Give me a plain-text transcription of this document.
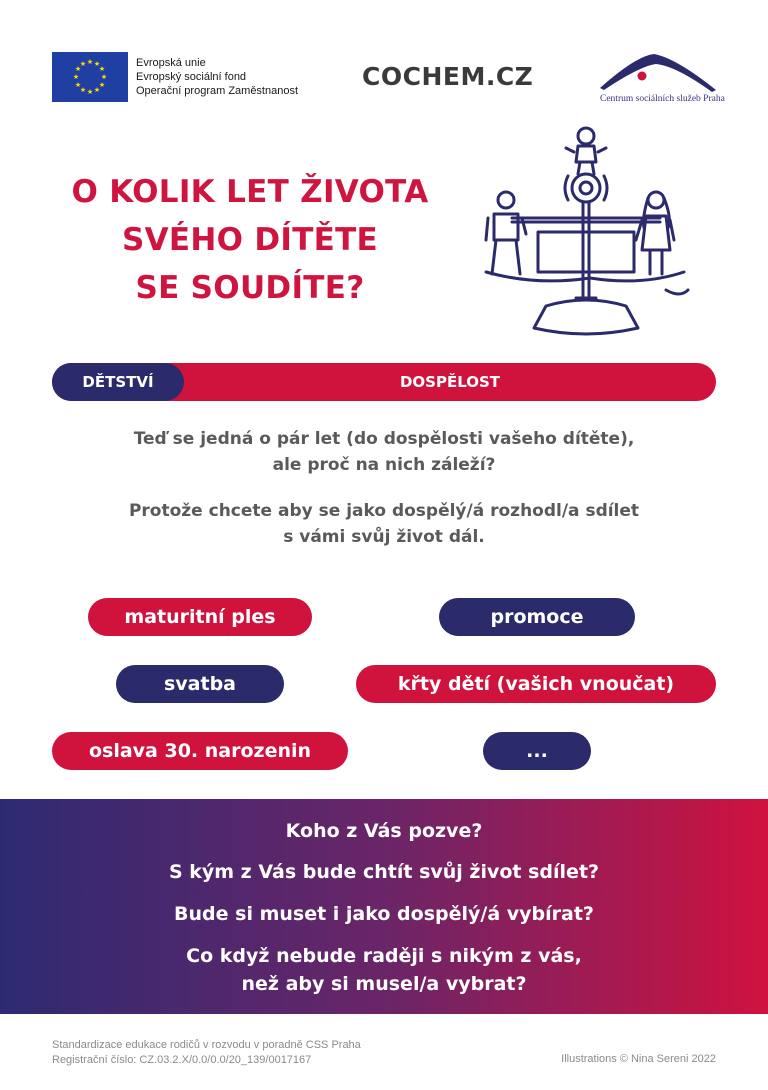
★ ★
★
★
★
★
★
★
★
★
★
★	Evropská unie
Evropský sociální fond
Operační program Zaměstnanost	COCHEM.CZ
Centrum sociálních služeb Praha
O KOLIK LET ŽIVOTA
SVÉHO DÍTĚTE
SE SOUDÍTE?
DĚTSTVÍ	DOSPĚLOST
Teď se jedná o pár let (do dospělosti vašeho dítěte),
ale proč na nich záleží?
Protože chcete aby se jako dospělý/á rozhodl/a sdílet
s vámi svůj život dál.
maturitní ples	promoce
svatba	křty dětí (vašich vnoučat)
oslava 30. narozenin	...
Koho z Vás pozve?
S kým z Vás bude chtít svůj život sdílet?
Bude si muset i jako dospělý/á vybírat?
Co když nebude raději s nikým z vás,
než aby si musel/a vybrat?
Standardizace edukace rodičů v rozvodu v poradně CSS Praha
Registrační číslo: CZ.03.2.X/0.0/0.0/20_139/0017167	Illustrations © Nina Sereni 2022
